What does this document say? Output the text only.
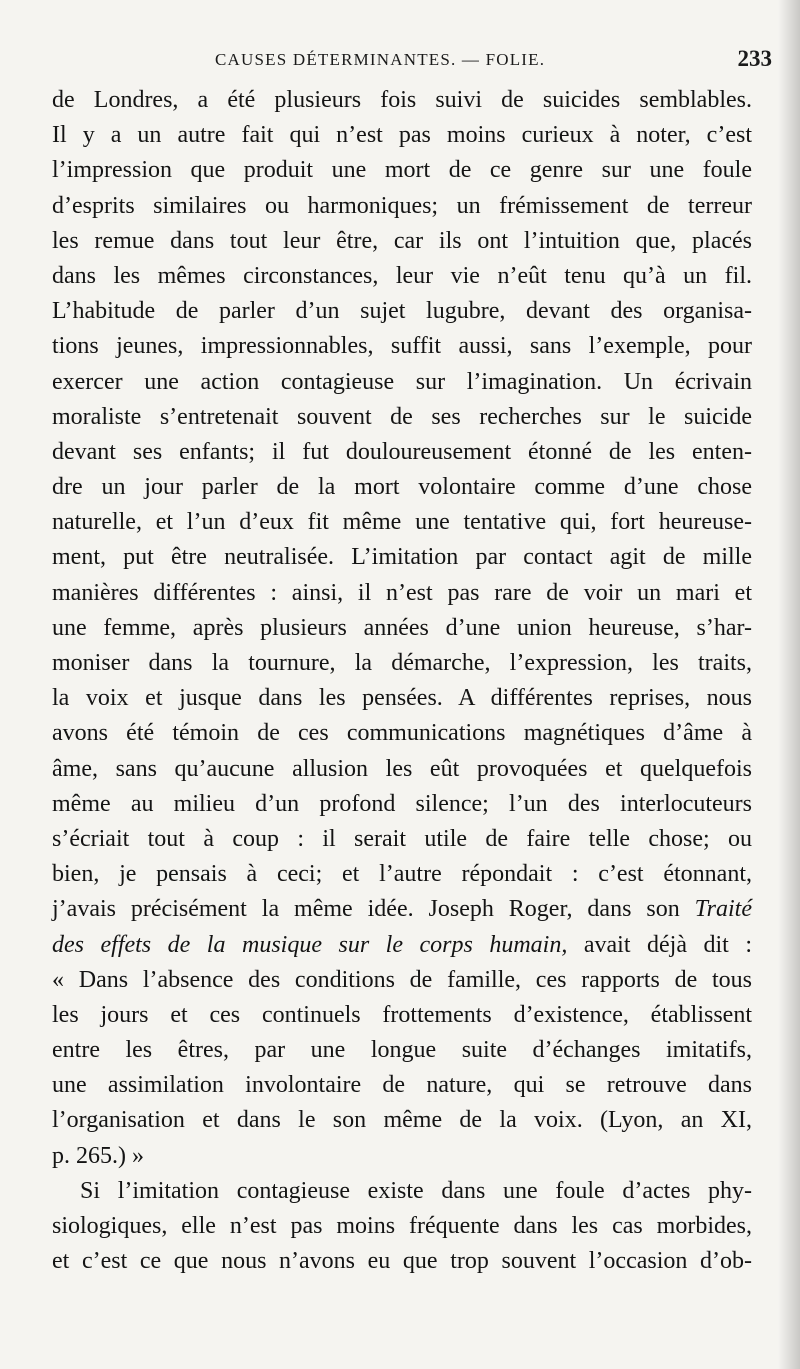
CAUSES DÉTERMINANTES. — FOLIE.	233
de Londres, a été plusieurs fois suivi de suicides semblables.
Il y a un autre fait qui n’est pas moins curieux à noter, c’est
l’impression que produit une mort de ce genre sur une foule
d’esprits similaires ou harmoniques; un frémissement de terreur
les remue dans tout leur être, car ils ont l’intuition que, placés
dans les mêmes circonstances, leur vie n’eût tenu qu’à un fil.
L’habitude de parler d’un sujet lugubre, devant des organisa-
tions jeunes, impressionnables, suffit aussi, sans l’exemple, pour
exercer une action contagieuse sur l’imagination. Un écrivain
moraliste s’entretenait souvent de ses recherches sur le suicide
devant ses enfants; il fut douloureusement étonné de les enten-
dre un jour parler de la mort volontaire comme d’une chose
naturelle, et l’un d’eux fit même une tentative qui, fort heureuse-
ment, put être neutralisée. L’imitation par contact agit de mille
manières différentes : ainsi, il n’est pas rare de voir un mari et
une femme, après plusieurs années d’une union heureuse, s’har-
moniser dans la tournure, la démarche, l’expression, les traits,
la voix et jusque dans les pensées. A différentes reprises, nous
avons été témoin de ces communications magnétiques d’âme à
âme, sans qu’aucune allusion les eût provoquées et quelquefois
même au milieu d’un profond silence; l’un des interlocuteurs
s’écriait tout à coup : il serait utile de faire telle chose; ou
bien, je pensais à ceci; et l’autre répondait : c’est étonnant,
j’avais précisément la même idée. Joseph Roger, dans son Traité
des effets de la musique sur le corps humain, avait déjà dit :
« Dans l’absence des conditions de famille, ces rapports de tous
les jours et ces continuels frottements d’existence, établissent
entre les êtres, par une longue suite d’échanges imitatifs,
une assimilation involontaire de nature, qui se retrouve dans
l’organisation et dans le son même de la voix. (Lyon, an XI,
p. 265.) »
Si l’imitation contagieuse existe dans une foule d’actes phy-
siologiques, elle n’est pas moins fréquente dans les cas morbides,
et c’est ce que nous n’avons eu que trop souvent l’occasion d’ob-
